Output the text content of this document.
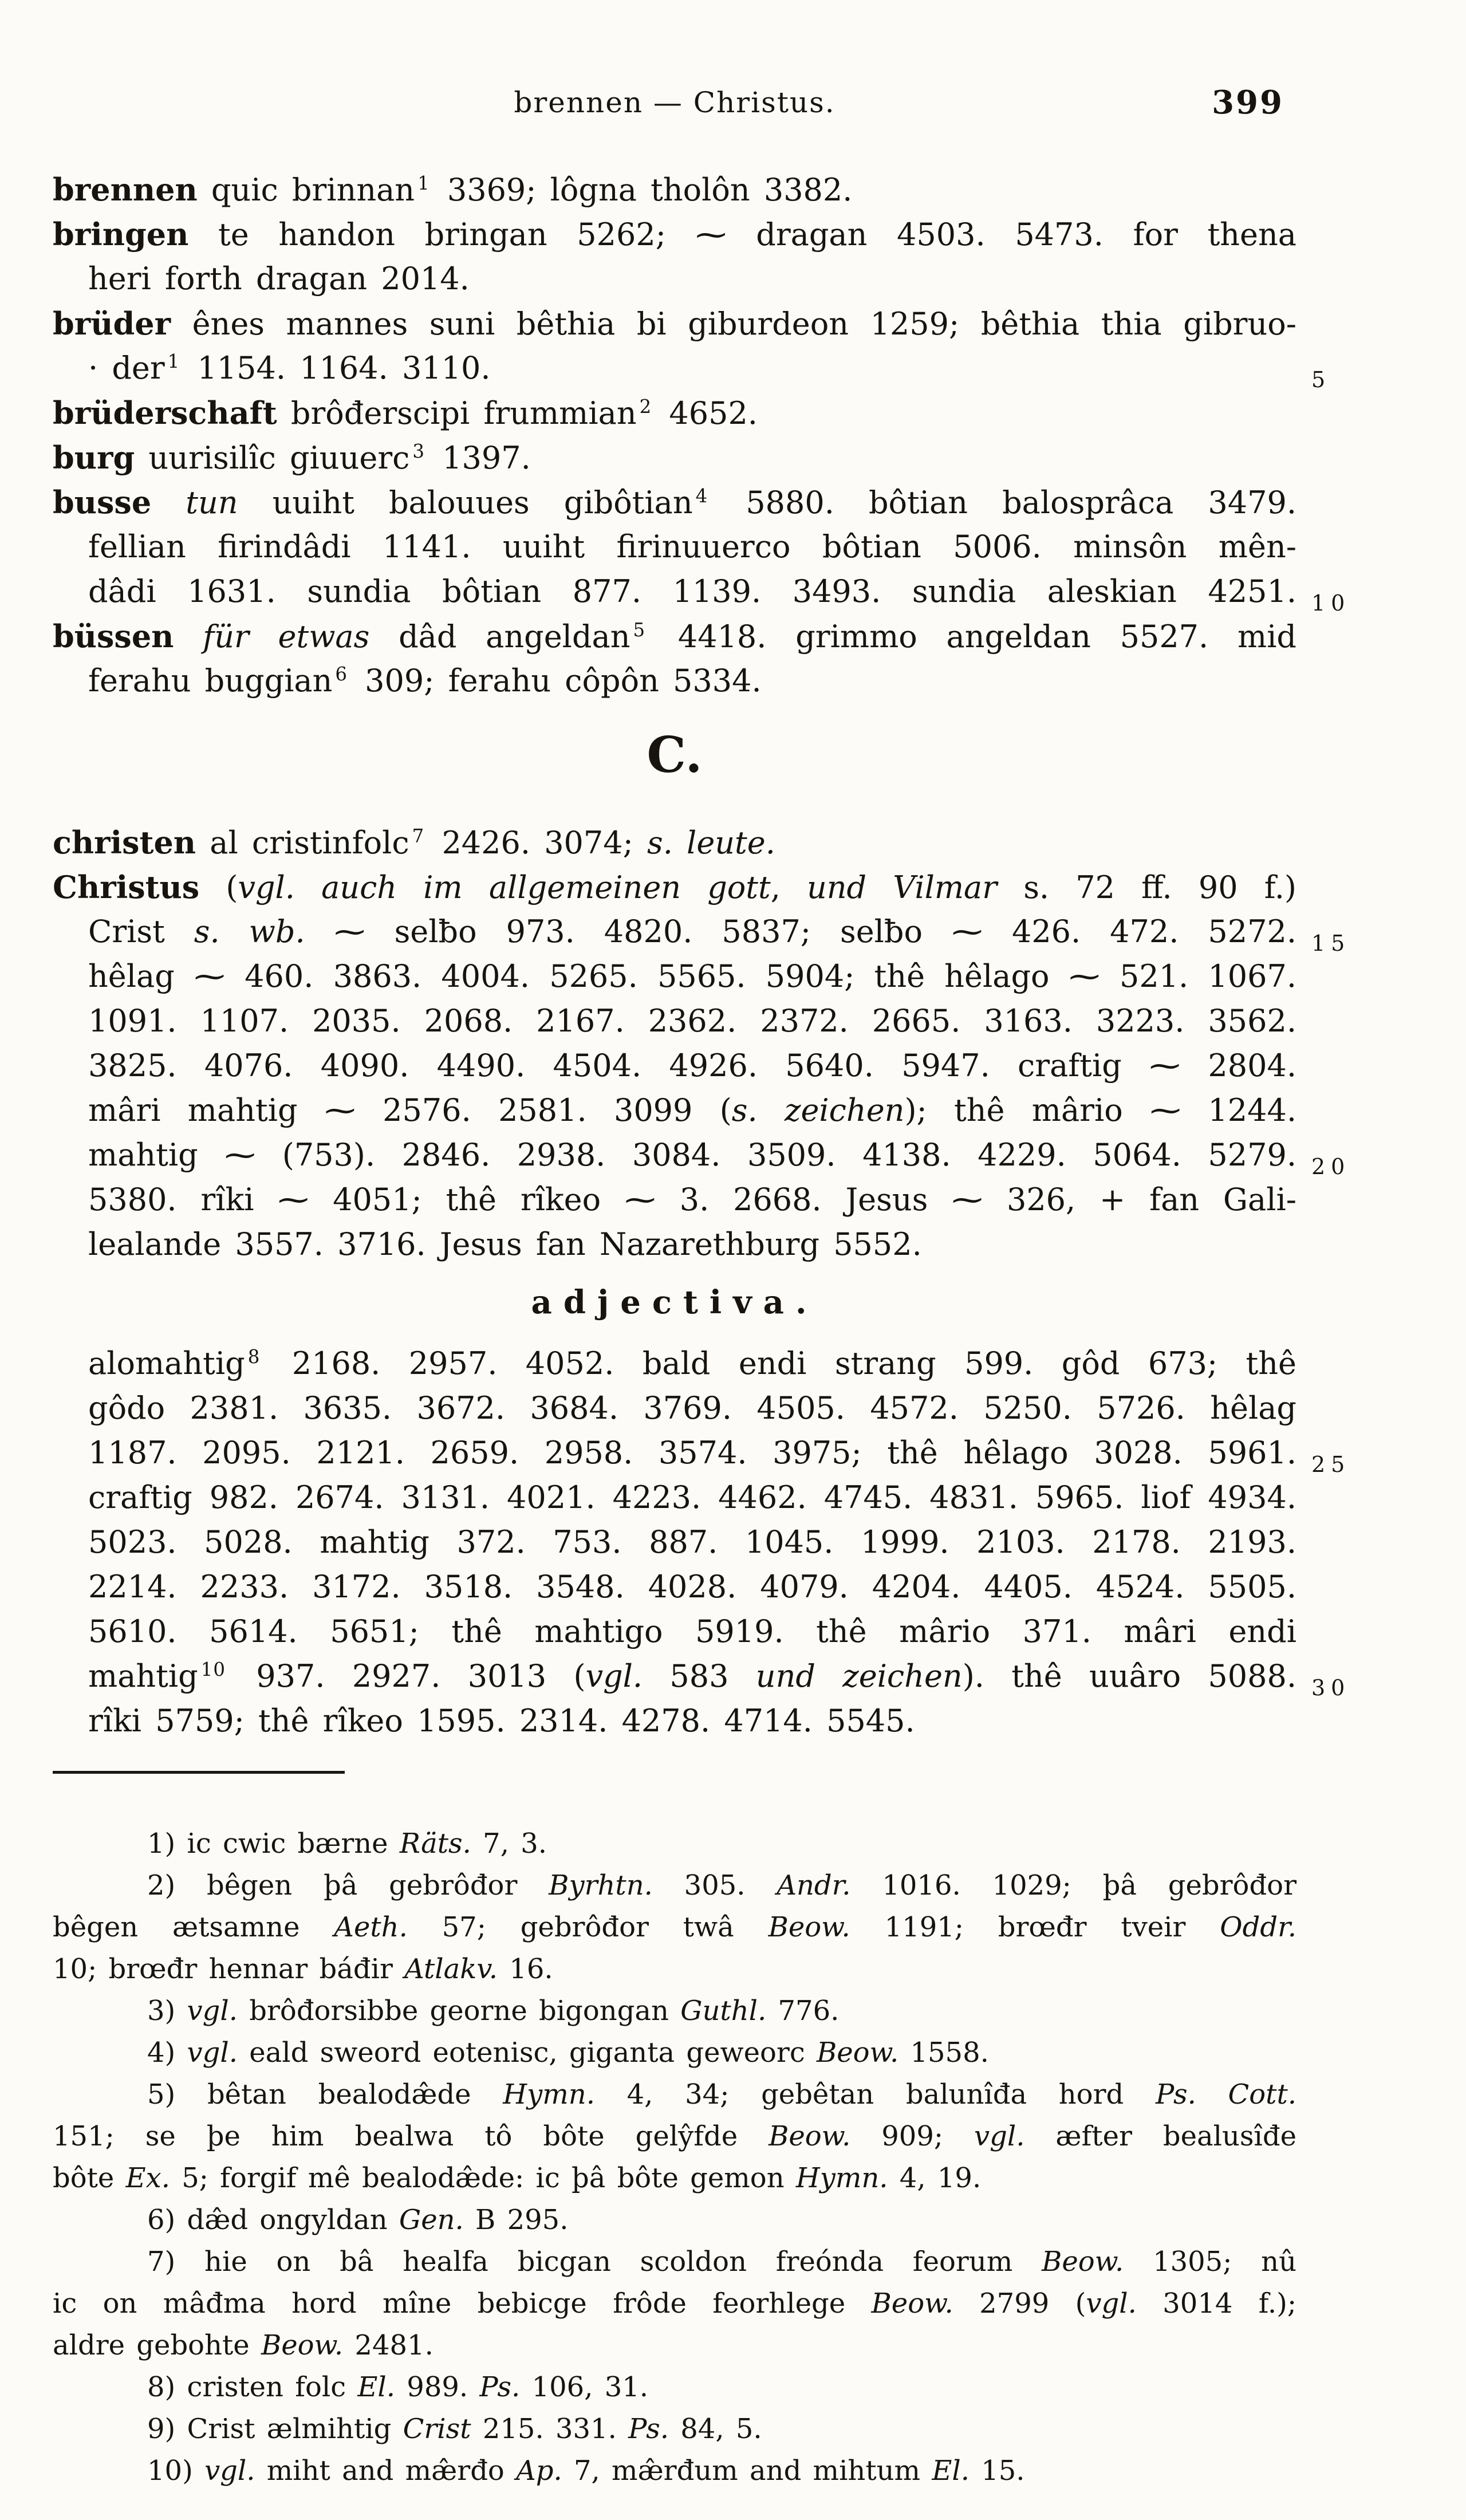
brennen — Christus.	399
brennen quic brinnan $^1$ 3369; lôgna tholôn 3382.
bringen te handon bringan 5262; ⁓ dragan 4503. 5473. for thena
heri forth dragan 2014.
brüder ênes mannes suni bêthia bi giburdeon 1259; bêthia thia gibruo-
· der $^1$ 1154. 1164. 3110.	5
brüderschaft brôđerscipi frummian $^2$ 4652.
burg uurisilîc giuuerc $^3$ 1397.
busse tun uuiht balouues gibôtian $^4$ 5880. bôtian balosprâca 3479.
fellian firindâdi 1141. uuiht firinuuerco bôtian 5006. minsôn mên-
dâdi 1631. sundia bôtian 877. 1139. 3493. sundia aleskian 4251. 10
büssen für etwas dâd angeldan $^5$ 4418. grimmo angeldan 5527. mid
ferahu buggian $^6$ 309; ferahu côpôn 5334.
C.
christen al cristinfolc $^7$ 2426. 3074; s. leute.
Christus (vgl. auch im allgemeinen gott, und Vilmar s. 72 ff. 90 f.)
Crist s. wb. ⁓ selƀo 973. 4820. 5837; selƀo ⁓ 426. 472. 5272. 15
hêlag ⁓ 460. 3863. 4004. 5265. 5565. 5904; thê hêlago ⁓ 521. 1067.
1091. 1107. 2035. 2068. 2167. 2362. 2372. 2665. 3163. 3223. 3562.
3825. 4076. 4090. 4490. 4504. 4926. 5640. 5947. craftig ⁓ 2804.
mâri mahtig ⁓ 2576. 2581. 3099 (s. zeichen); thê mârio ⁓ 1244.
mahtig ⁓ (753). 2846. 2938. 3084. 3509. 4138. 4229. 5064. 5279. 20
5380. rîki ⁓ 4051; thê rîkeo ⁓ 3. 2668. Jesus ⁓ 326, + fan Gali-
lealande 3557. 3716. Jesus fan Nazarethburg 5552.
adjectiva.
alomahtig $^8$ 2168. 2957. 4052. bald endi strang 599. gôd 673; thê
gôdo 2381. 3635. 3672. 3684. 3769. 4505. 4572. 5250. 5726. hêlag
1187. 2095. 2121. 2659. 2958. 3574. 3975; thê hêlago 3028. 5961. 25
craftig 982. 2674. 3131. 4021. 4223. 4462. 4745. 4831. 5965. liof 4934.
5023. 5028. mahtig 372. 753. 887. 1045. 1999. 2103. 2178. 2193.
2214. 2233. 3172. 3518. 3548. 4028. 4079. 4204. 4405. 4524. 5505.
5610. 5614. 5651; thê mahtigo 5919. thê mârio 371. mâri endi
mahtig $^{10}$ 937. 2927. 3013 (vgl. 583 und zeichen). thê uuâro 5088. 30
rîki 5759; thê rîkeo 1595. 2314. 4278. 4714. 5545.
1) ic cwic bærne Räts. 7, 3.
2) bêgen þâ gebrôđor Byrhtn. 305. Andr. 1016. 1029; þâ gebrôđor
bêgen ætsamne Aeth. 57; gebrôđor twâ Beow. 1191; brœđr tveir Oddr.
10; brœđr hennar báđir Atlakv. 16.
3) vgl. brôđorsibbe georne bigongan Guthl. 776.
4) vgl. eald sweord eotenisc, giganta geweorc Beow. 1558.
5) bêtan bealodæ̂de Hymn. 4, 34; gebêtan balunîđa hord Ps. Cott.
151; se þe him bealwa tô bôte gelŷfde Beow. 909; vgl. æfter bealusîđe
bôte Ex. 5; forgif mê bealodæ̂de: ic þâ bôte gemon Hymn. 4, 19.
6) dæ̂d ongyldan Gen. B 295.
7) hie on bâ healfa bicgan scoldon freónda feorum Beow. 1305; nû
ic on mâđma hord mîne bebicge frôde feorhlege Beow. 2799 (vgl. 3014 f.);
aldre gebohte Beow. 2481.
8) cristen folc El. 989. Ps. 106, 31.
9) Crist ælmihtig Crist 215. 331. Ps. 84, 5.
10) vgl. miht and mæ̂rđo Ap. 7, mæ̂rđum and mihtum El. 15.
